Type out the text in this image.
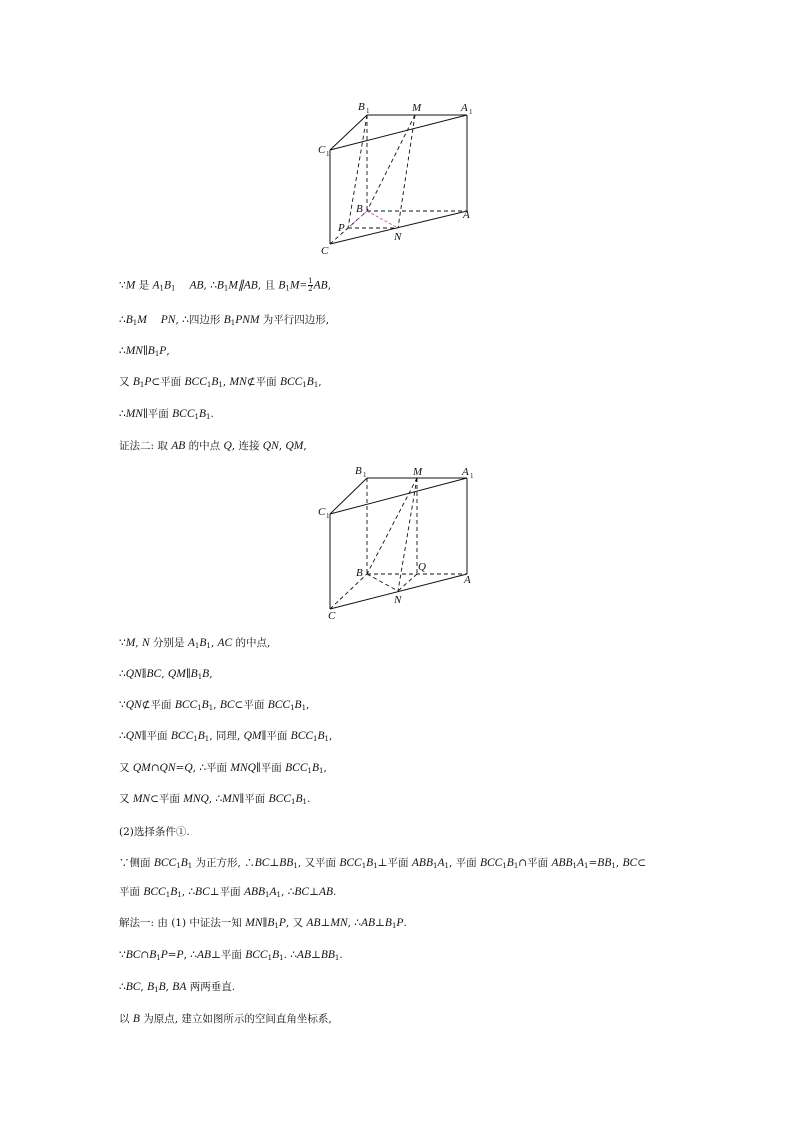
B 1	M	A 1
C 1
B	A
P
N
C
∵M 是 $A_1B_1$ AB, $\therefore B_1M\parallel AB$, 且 $B_1M= \frac{1}{2}$ AB,
$\therefore B_1M$ PN, ∴四边形 $B_1PNM$ 为平行四边形,
$\therefore MN\parallel B_1P$,
又 $B_1P\subset$平面 $BCC_1B_1$, MN⊄平面 $BCC_1B_1$,
∴MN∥平面 $BCC_1B_1$.
证法二: 取 AB 的中点 Q, 连接 QN, QM,
B 1	M	A 1
C 1
B	Q
A
N
C
∵M, N 分别是 $A_1B_1$, AC 的中点,
∴QN∥BC, $QM\parallel B_1B$,
∵QN⊄平面 $BCC_1B_1$, BC⊂平面 $BCC_1B_1$,
∴QN∥平面 $BCC_1B_1$, 同理, QM∥平面 $BCC_1B_1$,
又 QM∩QN=Q, ∴平面 MNQ∥平面 $BCC_1B_1$,
又 MN⊂平面 MNQ, ∴MN∥平面 $BCC_1B_1$.
(2)选择条件①.
∵侧面 $BCC_1B_1$ 为正方形, $\therefore BC\perp BB_1$, 又平面 $BCC_1B_1\perp$平面 $ABB_1A_1$, 平面 $BCC_1B_1\cap$平面 $ABB_1A_1=BB_1$, BC⊂
平面 $BCC_1B_1$, ∴BC⊥平面 $ABB_1A_1$, ∴BC⊥AB.
解法一: 由 (1) 中证法一知 $MN\parallel B_1P$, 又 AB⊥MN, $\therefore AB\perp B_1P$.
$\because BC\cap B_1P=P$, ∴AB⊥平面 $BCC_1B_1$. $\therefore AB\perp BB_1$.
∴BC, $B_1B$, BA 两两垂直.
以 B 为原点, 建立如图所示的空间直角坐标系,
